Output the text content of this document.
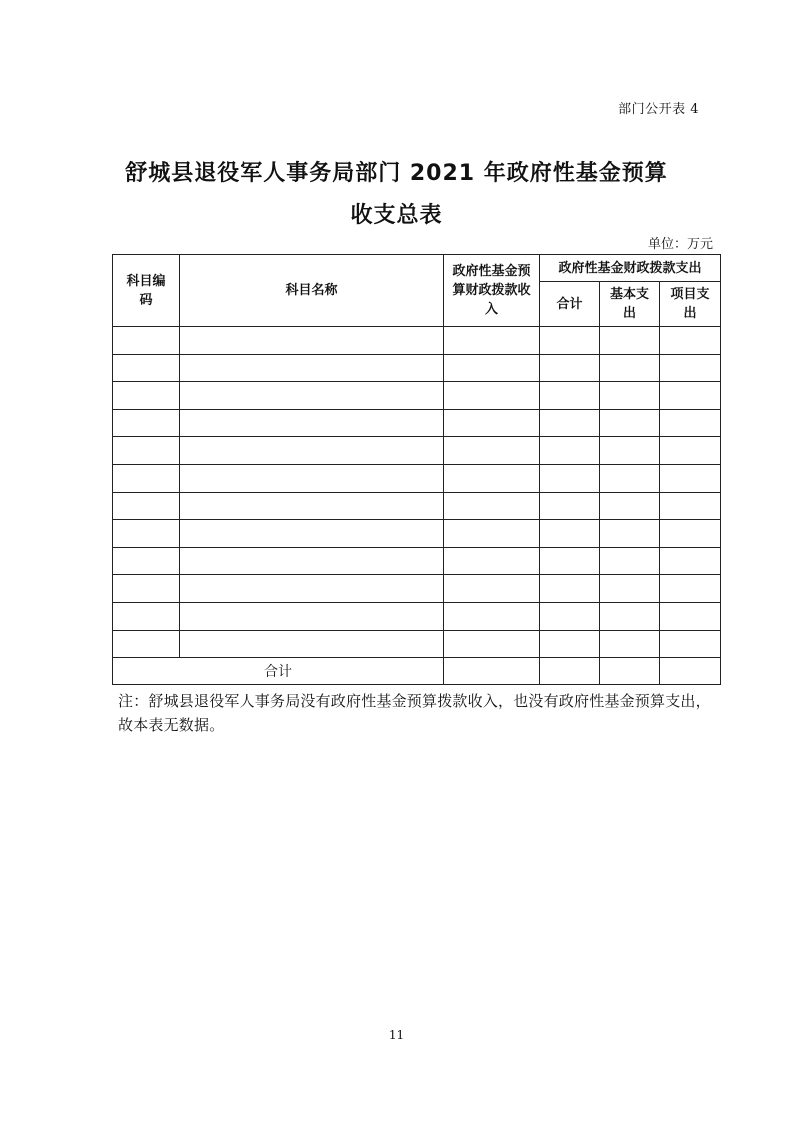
部门公开表 4
舒城县退役军人事务局部门 2021 年政府性基金预算
收支总表
单位：万元
科目编码	科目名称	政府性基金预算财政拨款收入	政府性基金财政拨款支出		
			合计	基本支出	项目支出

合计					
注：舒城县退役军人事务局没有政府性基金预算拨款收入，也没有政府性基金预算支出，故本表无数据。
11
